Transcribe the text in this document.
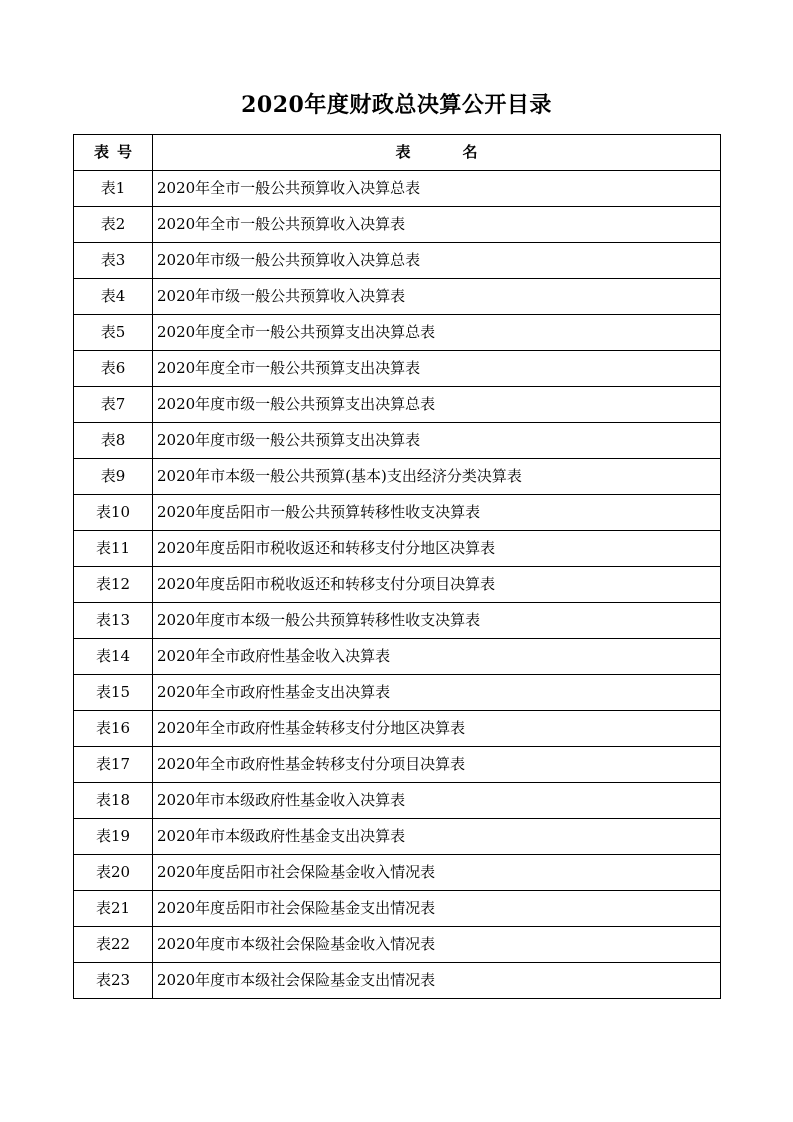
2020年度财政总决算公开目录
表号	表名
表1	2020年全市一般公共预算收入决算总表
表2	2020年全市一般公共预算收入决算表
表3	2020年市级一般公共预算收入决算总表
表4	2020年市级一般公共预算收入决算表
表5	2020年度全市一般公共预算支出决算总表
表6	2020年度全市一般公共预算支出决算表
表7	2020年度市级一般公共预算支出决算总表
表8	2020年度市级一般公共预算支出决算表
表9	2020年市本级一般公共预算(基本)支出经济分类决算表
表10	2020年度岳阳市一般公共预算转移性收支决算表
表11	2020年度岳阳市税收返还和转移支付分地区决算表
表12	2020年度岳阳市税收返还和转移支付分项目决算表
表13	2020年度市本级一般公共预算转移性收支决算表
表14	2020年全市政府性基金收入决算表
表15	2020年全市政府性基金支出决算表
表16	2020年全市政府性基金转移支付分地区决算表
表17	2020年全市政府性基金转移支付分项目决算表
表18	2020年市本级政府性基金收入决算表
表19	2020年市本级政府性基金支出决算表
表20	2020年度岳阳市社会保险基金收入情况表
表21	2020年度岳阳市社会保险基金支出情况表
表22	2020年度市本级社会保险基金收入情况表
表23	2020年度市本级社会保险基金支出情况表
